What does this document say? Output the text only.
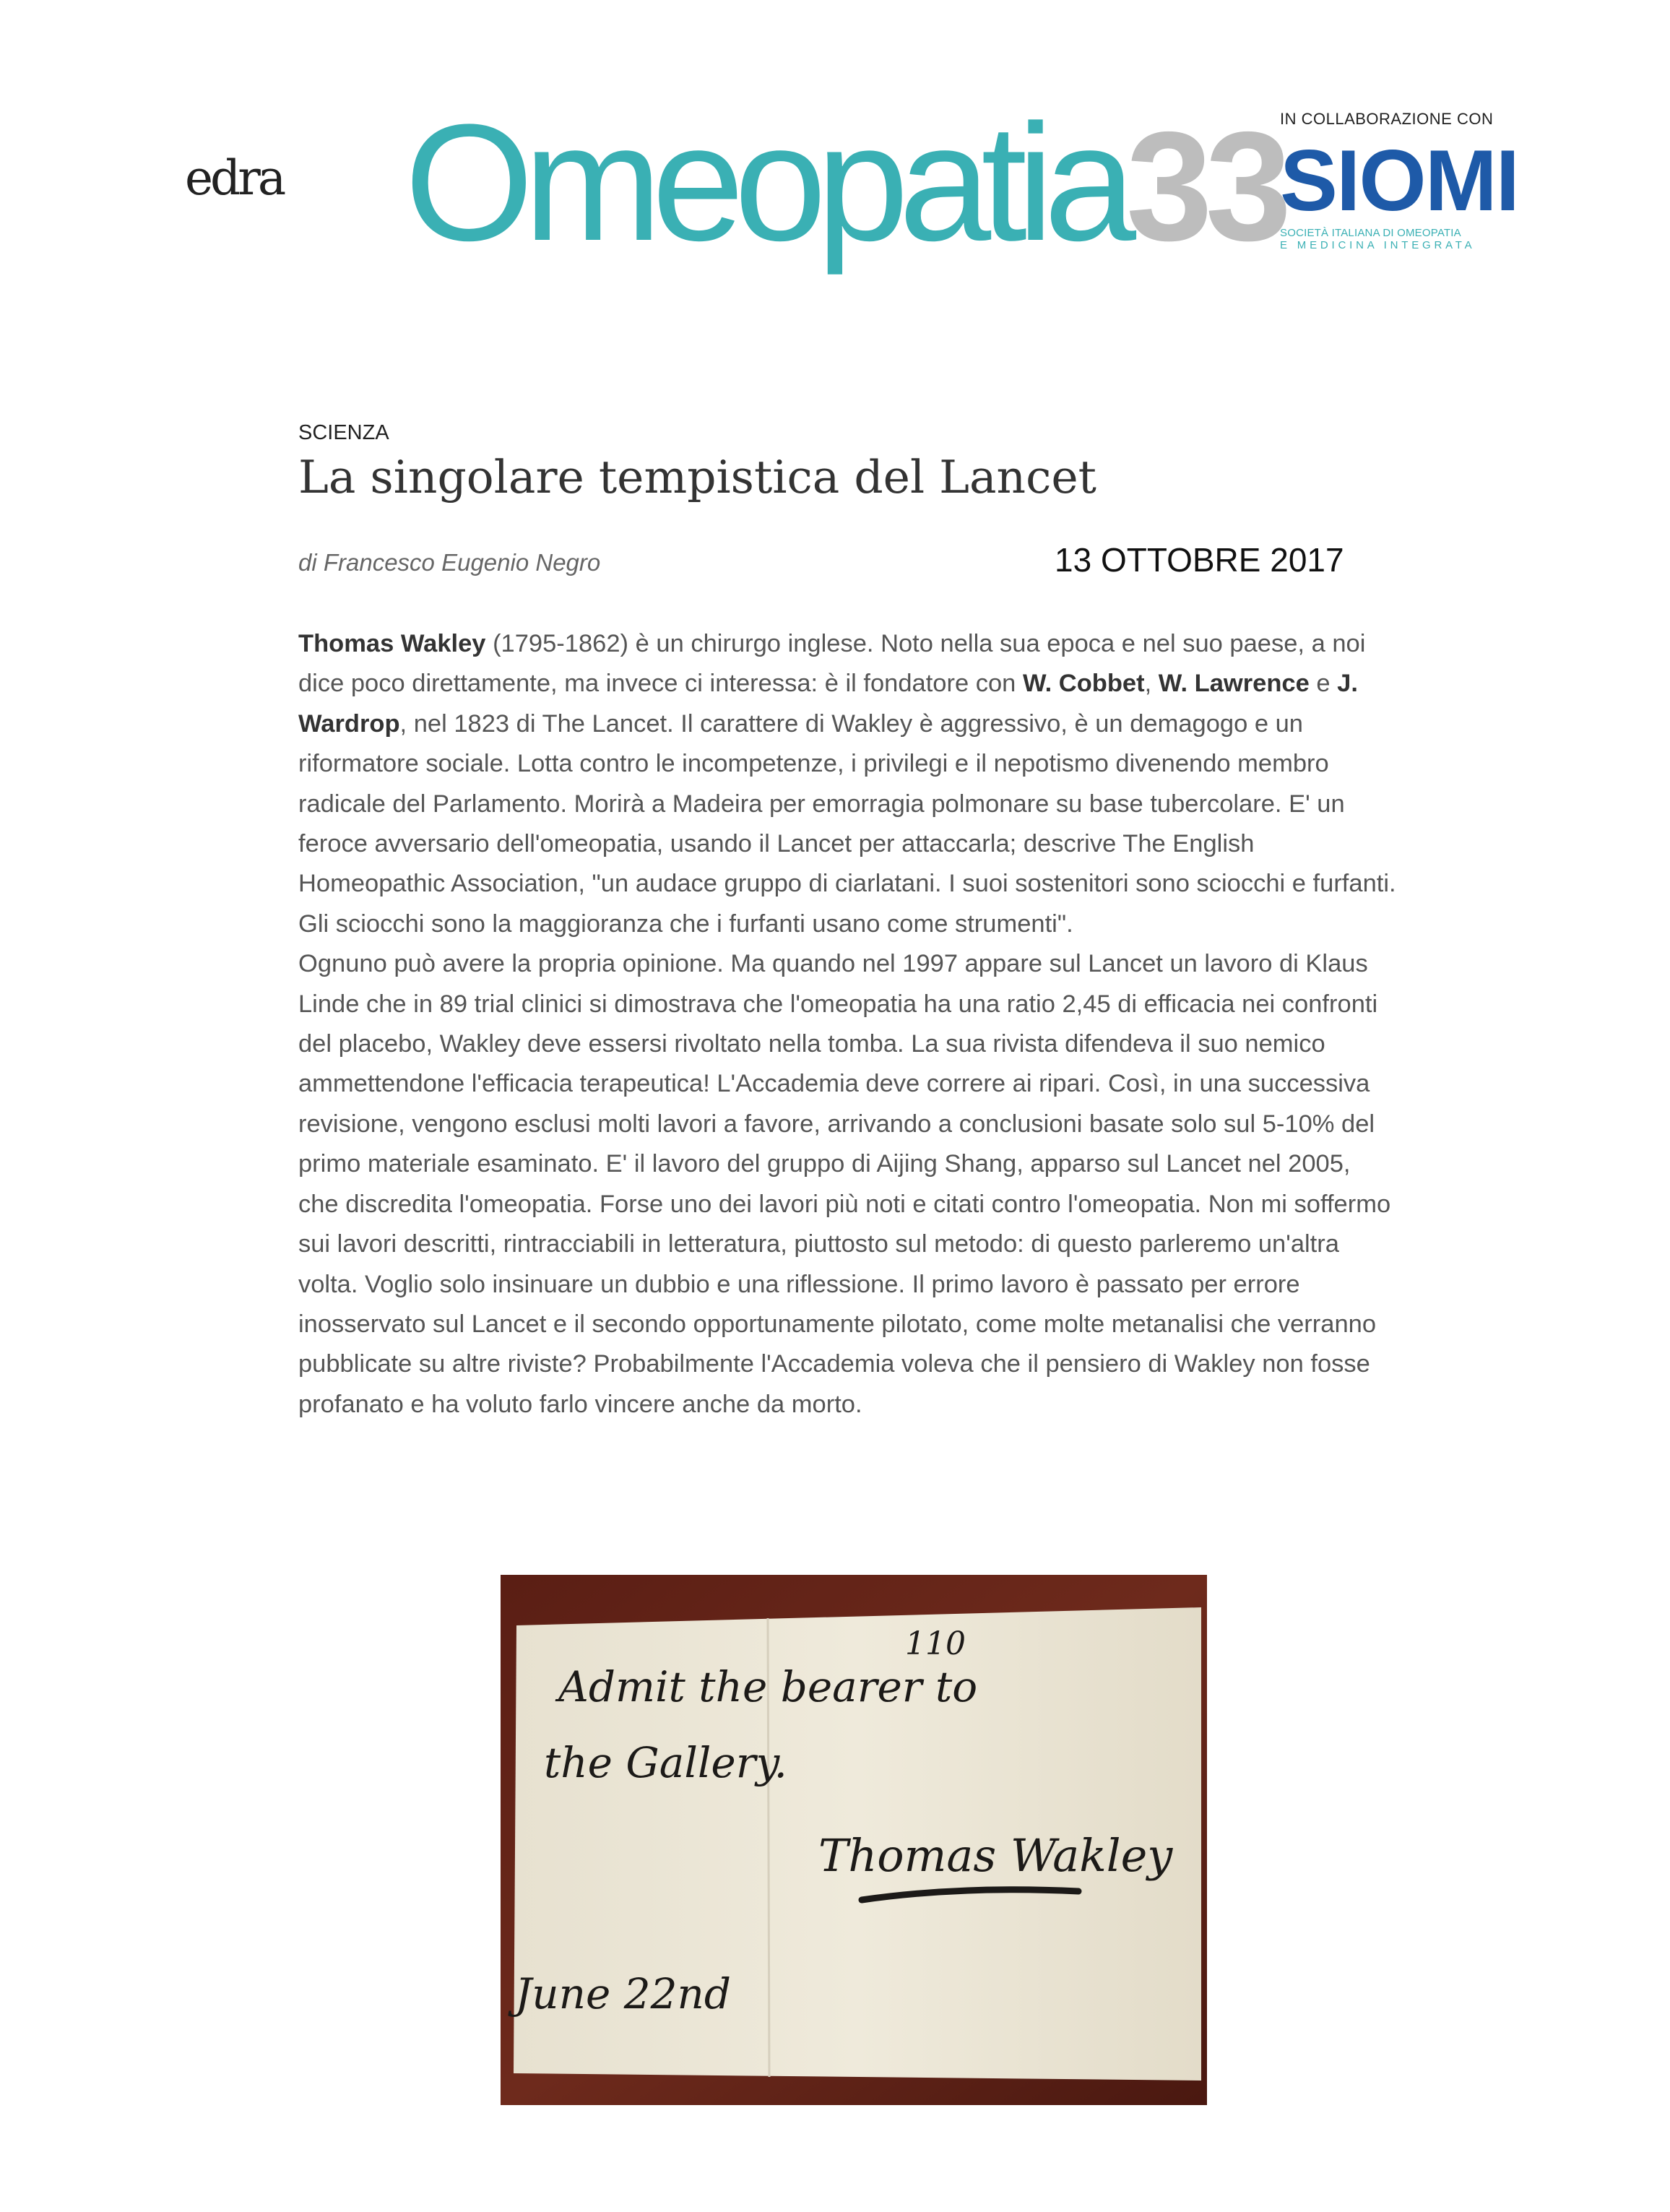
edra Omeopatia33
IN COLLABORAZIONE CON
SIOMI
SOCIETÀ ITALIANA DI OMEOPATIA
E MEDICINA INTEGRATA
SCIENZA
La singolare tempistica del Lancet
di Francesco Eugenio Negro	13 OTTOBRE 2017

Thomas Wakley (1795-1862) è un chirurgo inglese. Noto nella sua epoca e nel suo paese, a noi dice poco direttamente, ma invece ci interessa: è il fondatore con W. Cobbet, W. Lawrence e J. Wardrop, nel 1823 di The Lancet. Il carattere di Wakley è aggressivo, è un demagogo e un riformatore sociale. Lotta contro le incompetenze, i privilegi e il nepotismo divenendo membro radicale del Parlamento. Morirà a Madeira per emorragia polmonare su base tubercolare. E' un feroce avversario dell'omeopatia, usando il Lancet per attaccarla; descrive The English Homeopathic Association, "un audace gruppo di ciarlatani. I suoi sostenitori sono sciocchi e furfanti. Gli sciocchi sono la maggioranza che i furfanti usano come strumenti".

Ognuno può avere la propria opinione. Ma quando nel 1997 appare sul Lancet un lavoro di Klaus Linde che in 89 trial clinici si dimostrava che l'omeopatia ha una ratio 2,45 di efficacia nei confronti del placebo, Wakley deve essersi rivoltato nella tomba. La sua rivista difendeva il suo nemico ammettendone l'efficacia terapeutica! L'Accademia deve correre ai ripari. Così, in una successiva revisione, vengono esclusi molti lavori a favore, arrivando a conclusioni basate solo sul 5-10% del primo materiale esaminato. E' il lavoro del gruppo di Aijing Shang, apparso sul Lancet nel 2005, che discredita l'omeopatia. Forse uno dei lavori più noti e citati contro l'omeopatia. Non mi soffermo sui lavori descritti, rintracciabili in letteratura, piuttosto sul metodo: di questo parleremo un'altra volta. Voglio solo insinuare un dubbio e una riflessione. Il primo lavoro è passato per errore inosservato sul Lancet e il secondo opportunamente pilotato, come molte metanalisi che verranno pubblicate su altre riviste? Probabilmente l'Accademia voleva che il pensiero di Wakley non fosse profanato e ha voluto farlo vincere anche da morto.

Admit the bearer to
110
the Gallery.
Thomas Wakley
June 22nd
